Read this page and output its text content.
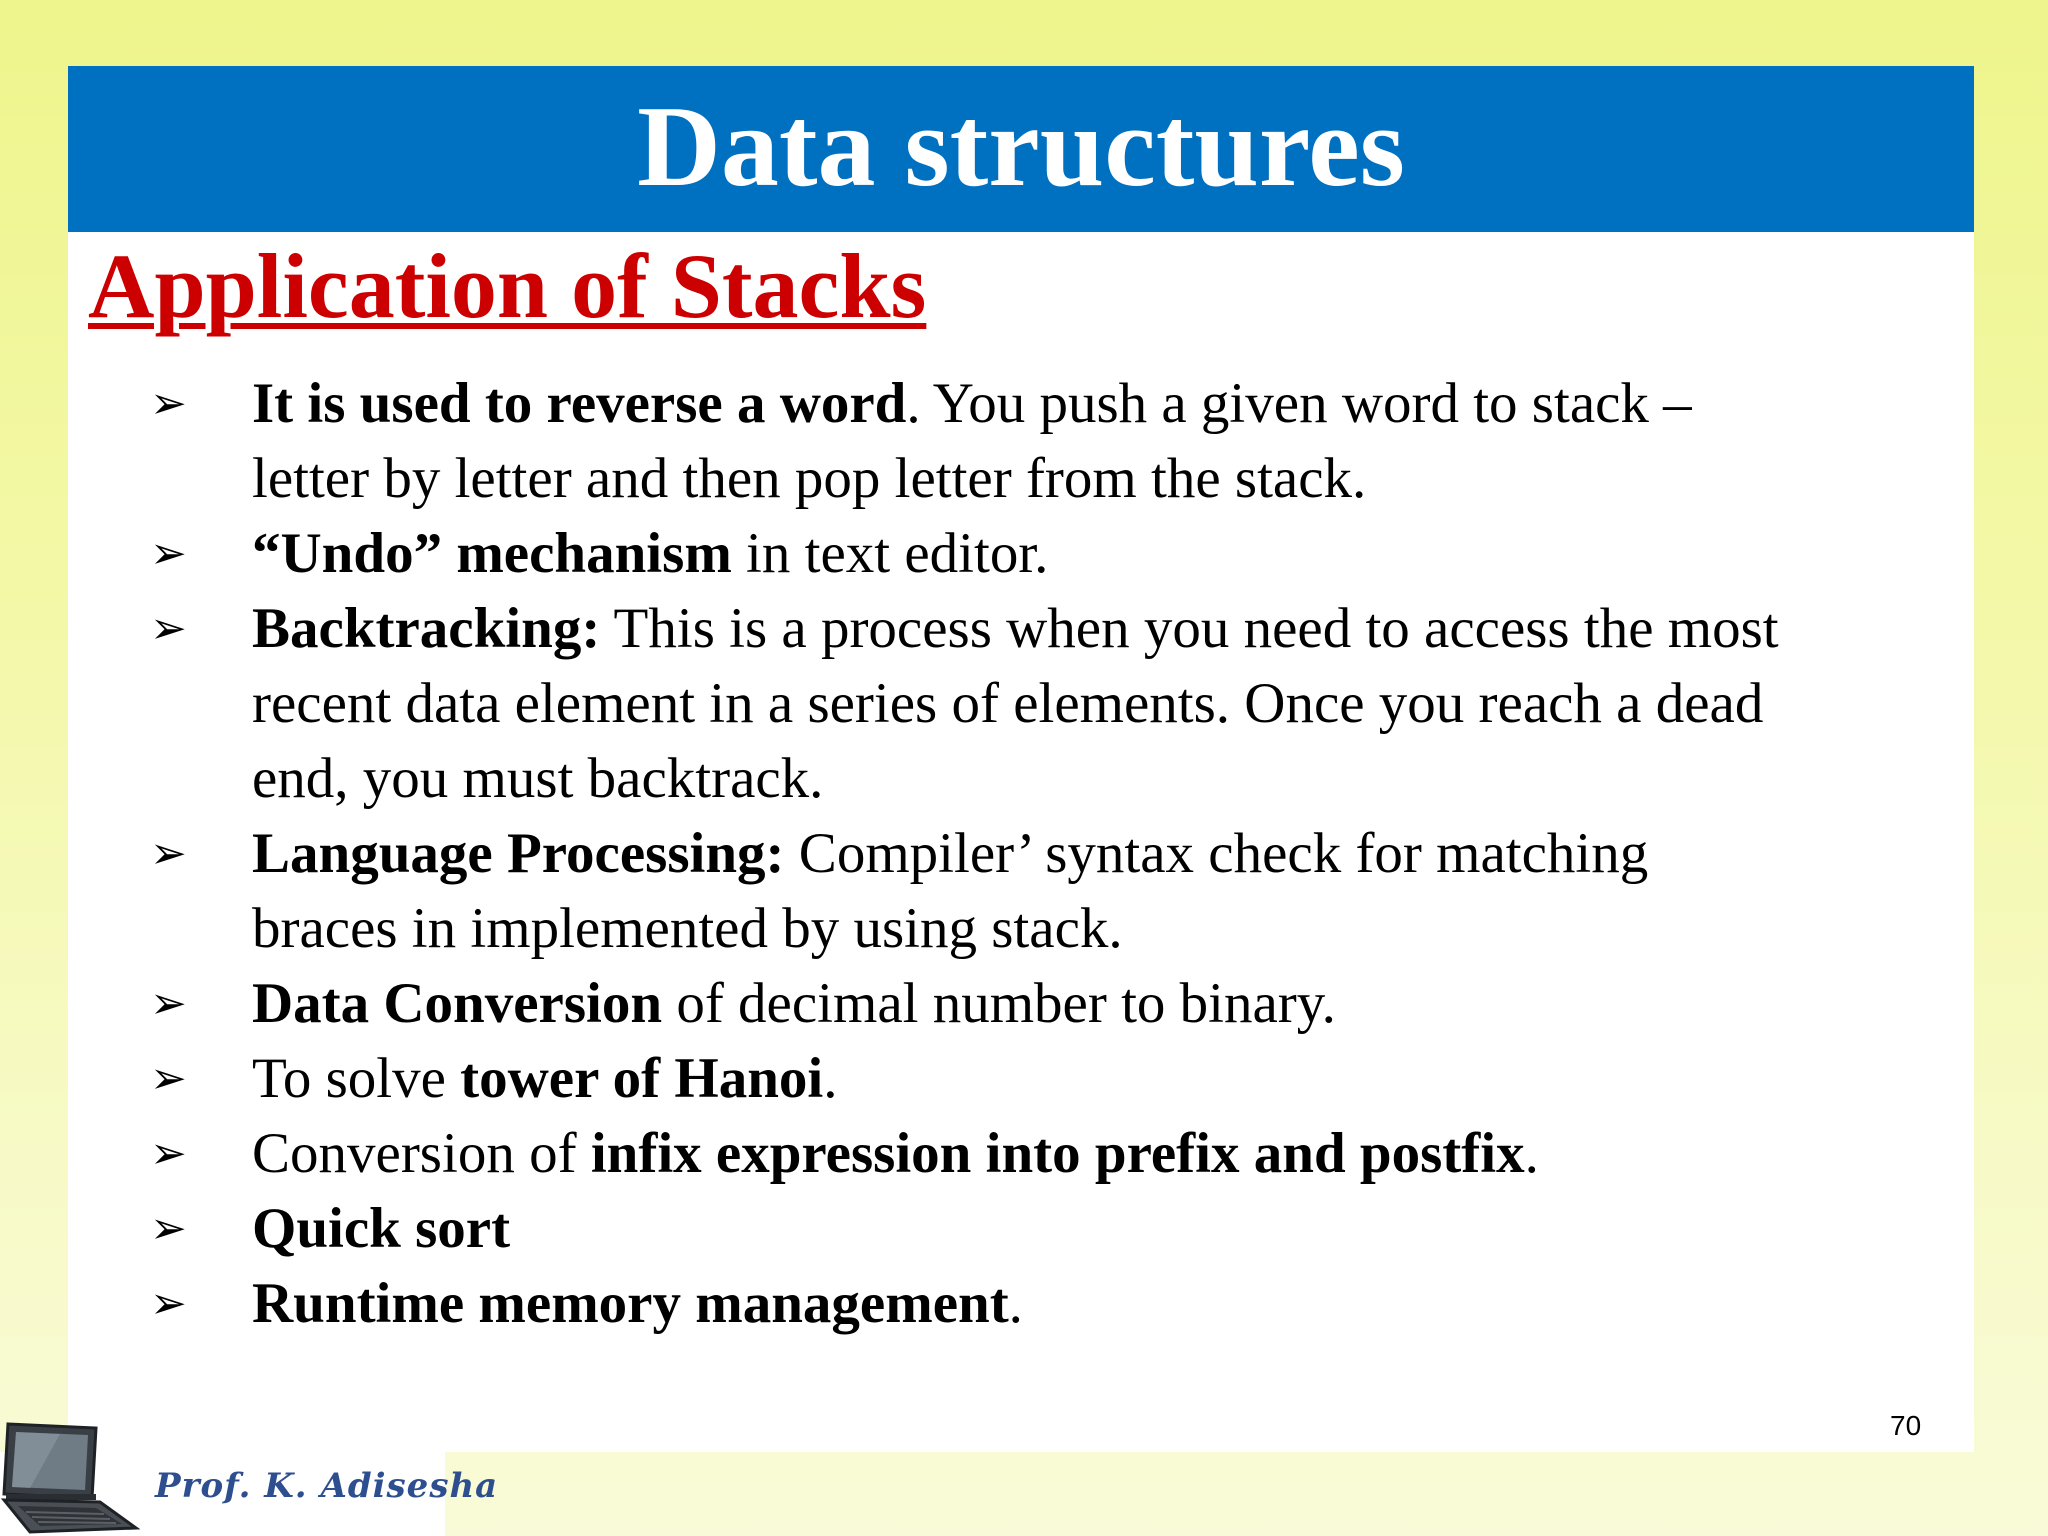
Data structures
Application of Stacks
➢	It is used to reverse a word. You push a given word to stack –
letter by letter and then pop letter from the stack.
➢	“Undo” mechanism in text editor.
➢	Backtracking: This is a process when you need to access the most
recent data element in a series of elements. Once you reach a dead
end, you must backtrack.
➢	Language Processing: Compiler’ syntax check for matching
braces in implemented by using stack.
➢	Data Conversion of decimal number to binary.
➢	To solve tower of Hanoi.
➢	Conversion of infix expression into prefix and postfix.
➢	Quick sort
➢	Runtime memory management.
70
Prof. K. Adisesha
